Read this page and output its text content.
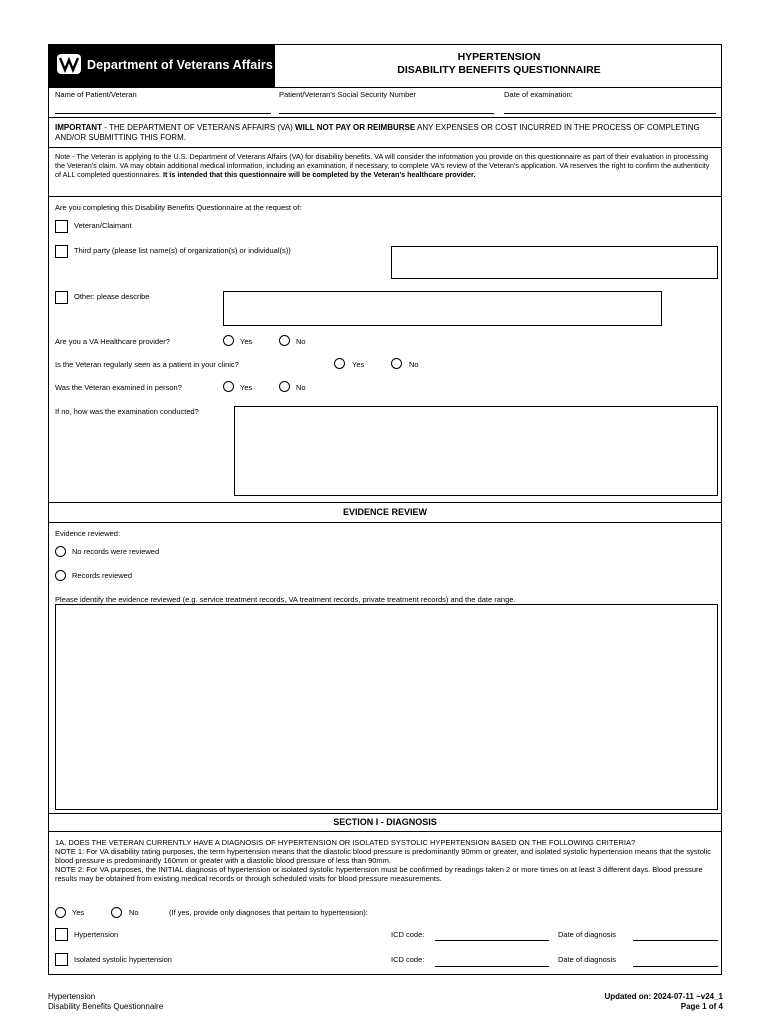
Department of Veterans Affairs
HYPERTENSION
DISABILITY BENEFITS QUESTIONNAIRE
Name of Patient/Veteran	Patient/Veteran's Social Security Number	Date of examination:
IMPORTANT - THE DEPARTMENT OF VETERANS AFFAIRS (VA) WILL NOT PAY OR REIMBURSE ANY EXPENSES OR COST INCURRED IN THE PROCESS OF COMPLETING AND/OR SUBMITTING THIS FORM.
Note - The Veteran is applying to the U.S. Department of Veterans Affairs (VA) for disability benefits. VA will consider the information you provide on this questionnaire as part of their evaluation in processing the Veteran's claim. VA may obtain additional medical information, including an examination, if necessary, to complete VA's review of the Veteran's application. VA reserves the right to confirm the authenticity of ALL completed questionnaires. It is intended that this questionnaire will be completed by the Veteran's healthcare provider.
Are you completing this Disability Benefits Questionnaire at the request of:
Veteran/Claimant
Third party (please list name(s) of organization(s) or individual(s))
Other: please describe
Are you a VA Healthcare provider?	Yes	No
Is the Veteran regularly seen as a patient in your clinic?	Yes	No
Was the Veteran examined in person?	Yes	No
If no, how was the examination conducted?
EVIDENCE REVIEW
Evidence reviewed:
No records were reviewed
Records reviewed
Please identify the evidence reviewed (e.g. service treatment records, VA treatment records, private treatment records) and the date range.
SECTION I - DIAGNOSIS
1A. DOES THE VETERAN CURRENTLY HAVE A DIAGNOSIS OF HYPERTENSION OR ISOLATED SYSTOLIC HYPERTENSION BASED ON THE FOLLOWING CRITERIA?
NOTE 1: For VA disability rating purposes, the term hypertension means that the diastolic blood pressure is predominantly 90mm or greater, and isolated systolic hypertension means that the systolic blood pressure is predominantly 160mm or greater with a diastolic blood pressure of less than 90mm.
NOTE 2: For VA purposes, the INITIAL diagnosis of hypertension or isolated systolic hypertension must be confirmed by readings taken 2 or more times on at least 3 different days. Blood pressure results may be obtained from existing medical records or through scheduled visits for blood pressure measurements.
Yes	No	(If yes, provide only diagnoses that pertain to hypertension):
Hypertension	ICD code:	Date of diagnosis
Isolated systolic hypertension	ICD code:	Date of diagnosis
Hypertension
Disability Benefits Questionnaire
Updated on: 2024-07-11 ~v24_1
Page 1 of 4
